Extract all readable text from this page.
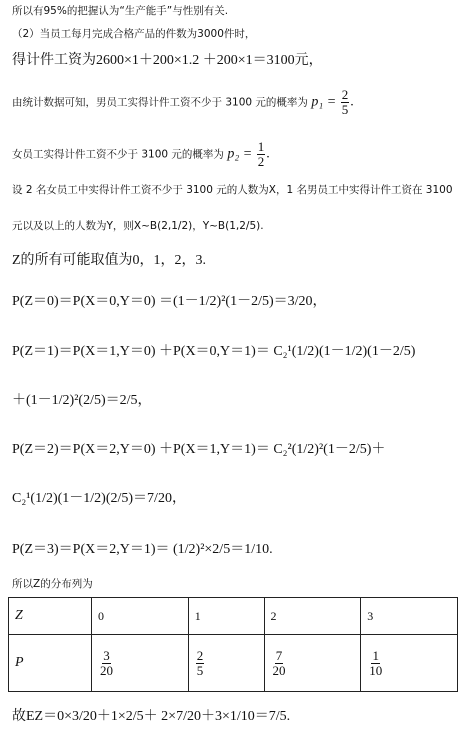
所以有95%的把握认为“生产能手”与性别有关.
（2）当员工每月完成合格产品的件数为3000件时，
得计件工资为2600×1＋200×1.2 ＋200×1＝3100元，
由统计数据可知，男员工实得计件工资不少于 3100 元的概率为 $p_1 = \frac{2}{5}$ .
女员工实得计件工资不少于 3100 元的概率为 $p_2 = \frac{1}{2}$ .
设 2 名女员工中实得计件工资不少于 3100 元的人数为X，1 名男员工中实得计件工资在 3100
元以及以上的人数为Y，则X~B(2,1/2)，Y~B(1,2/5).
Z的所有可能取值为0，1，2，3.
P(Z＝0)＝P(X＝0,Y＝0) ＝(1－1/2)²(1－2/5)＝3/20，
P(Z＝1)＝P(X＝1,Y＝0) ＋P(X＝0,Y＝1)＝ C₂¹(1/2)(1－1/2)(1－2/5)
＋(1－1/2)²(2/5)＝2/5，
P(Z＝2)＝P(X＝2,Y＝0) ＋P(X＝1,Y＝1)＝ C₂²(1/2)²(1－2/5)＋
C₂¹(1/2)(1－1/2)(2/5)＝7/20，
P(Z＝3)＝P(X＝2,Y＝1)＝ (1/2)²×2/5＝1/10.
所以Z的分布列为
Z	0	1	2	3
P	$\frac{3}{20}$	$\frac{2}{5}$	$\frac{7}{20}$	$\frac{1}{10}$
故EZ＝0×3/20＋1×2/5＋ 2×7/20＋3×1/10＝7/5.
